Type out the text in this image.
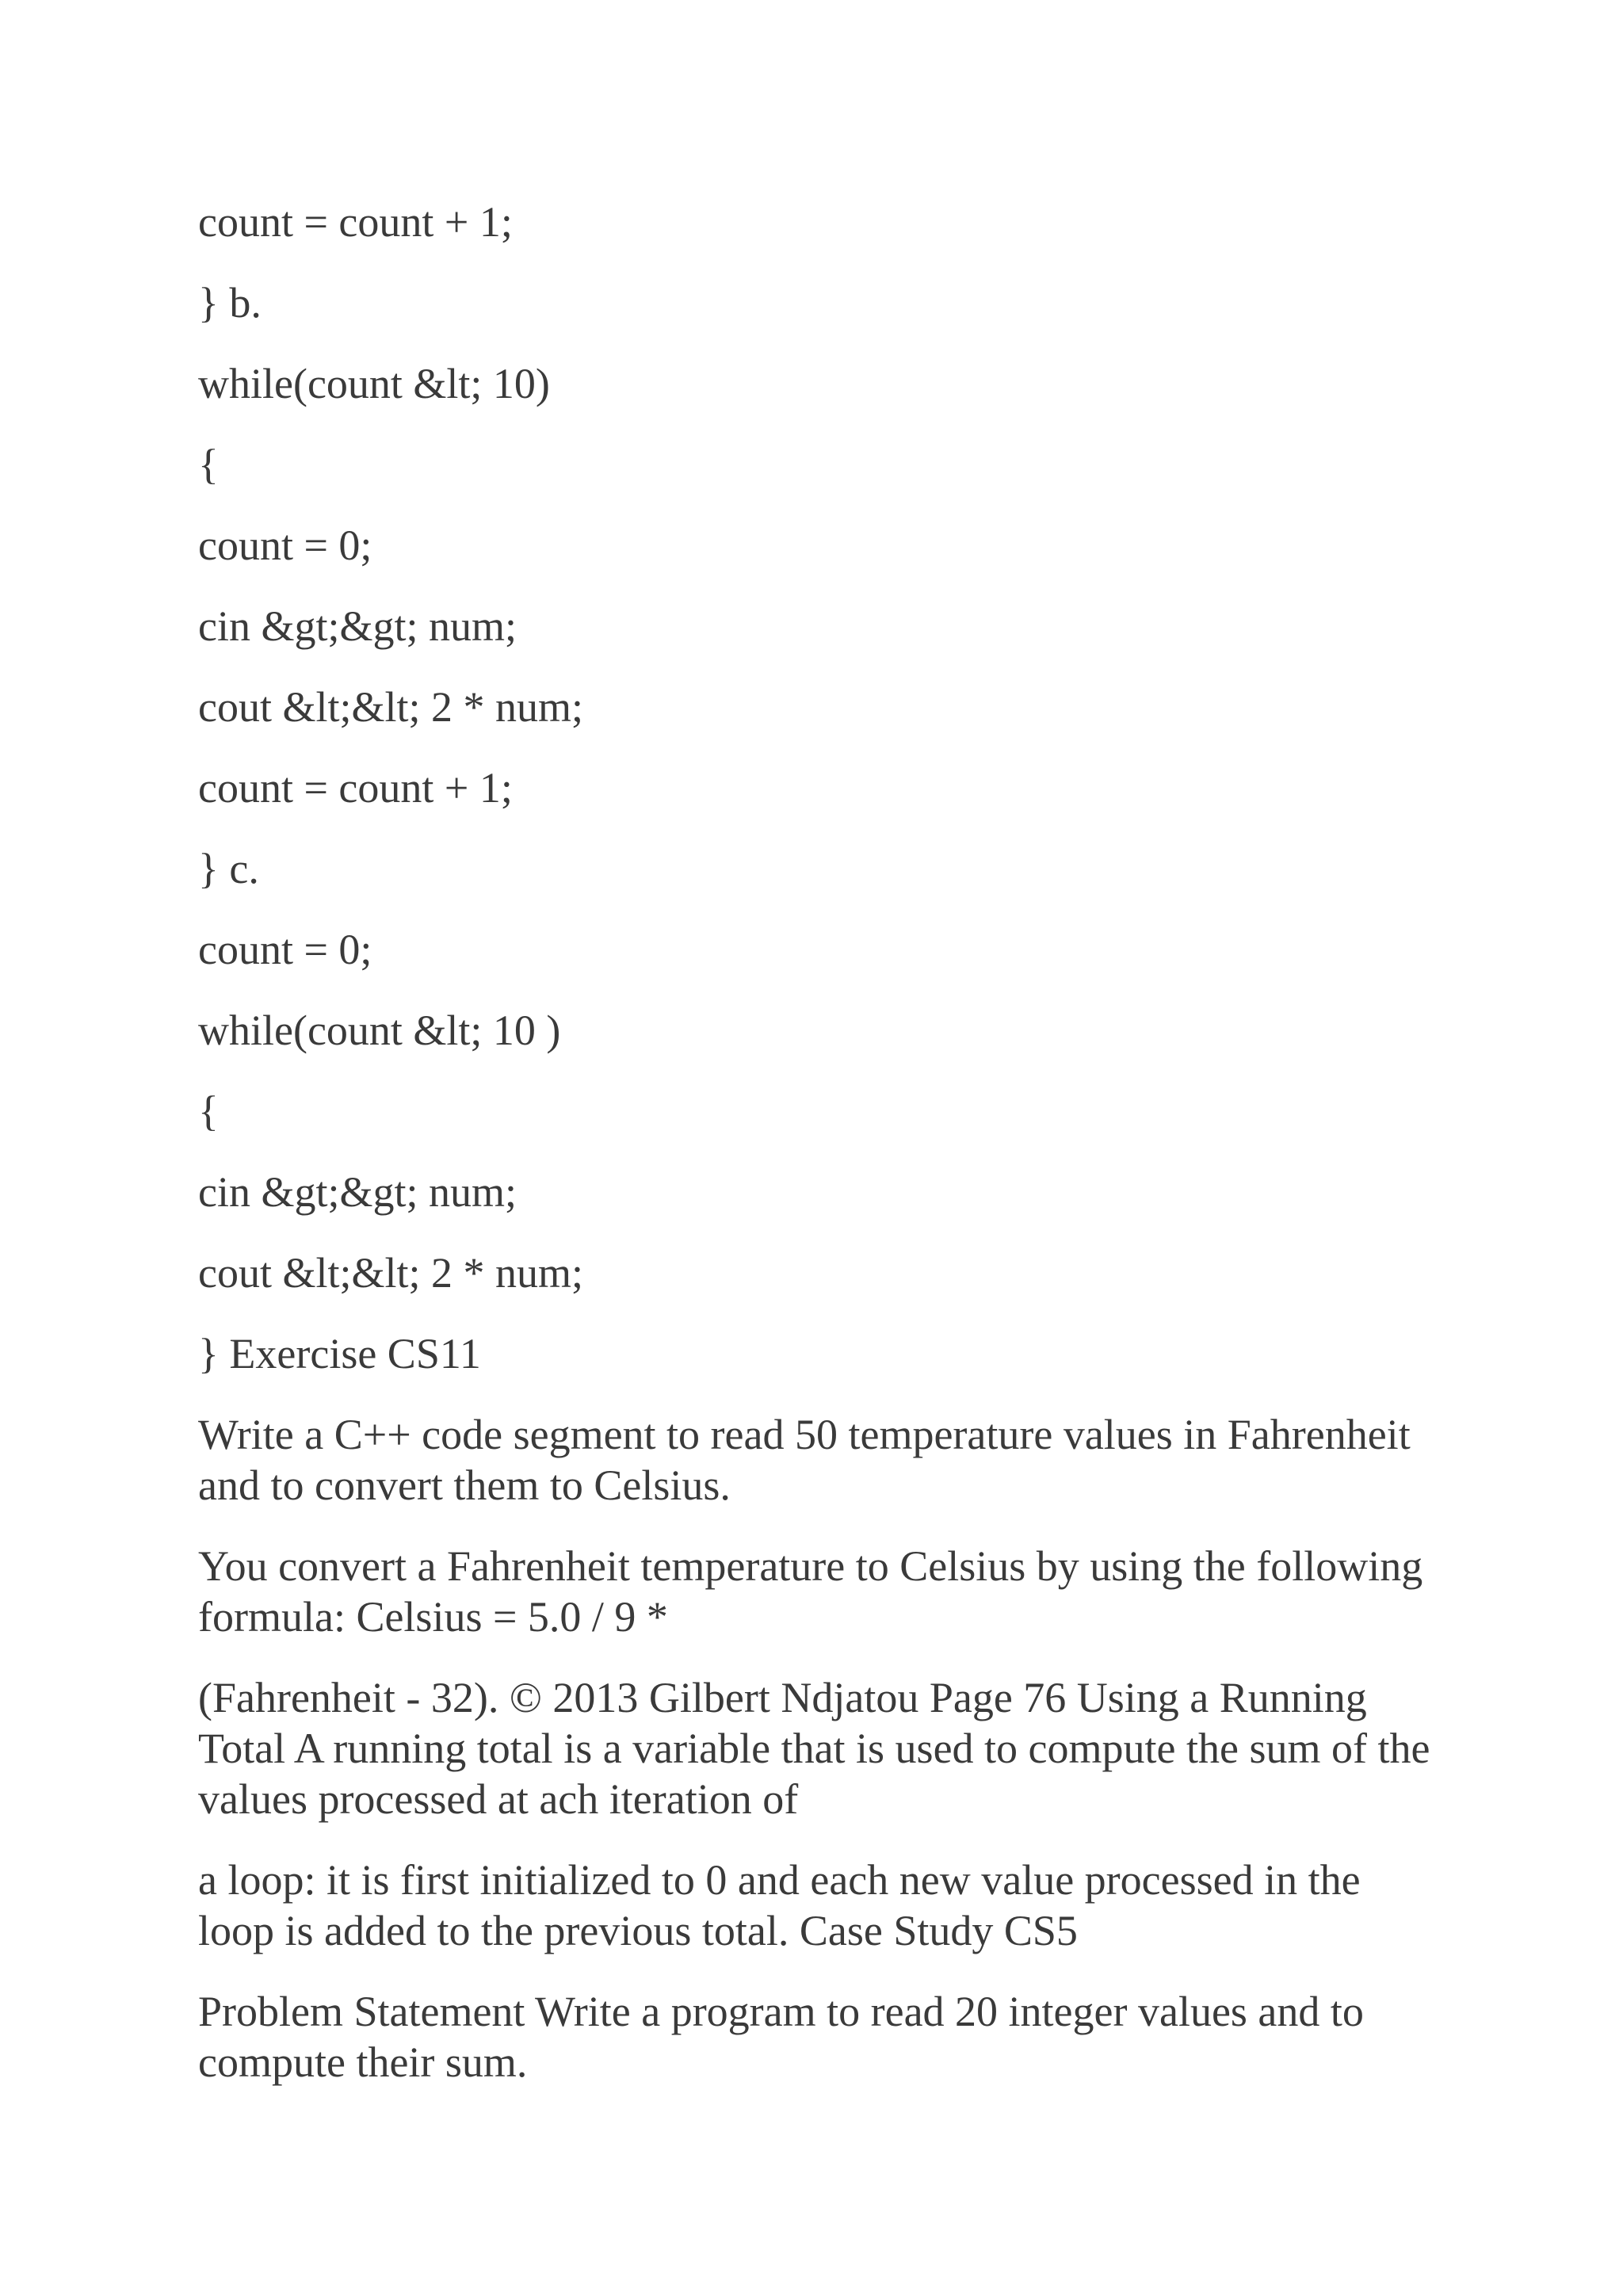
count = count + 1;
} b.
while(count &lt; 10)
{
count = 0;
cin &gt;&gt; num;
cout &lt;&lt; 2 * num;
count = count + 1;
} c.
count = 0;
while(count &lt; 10 )
{
cin &gt;&gt; num;
cout &lt;&lt; 2 * num;
} Exercise CS11
Write a C++ code segment to read 50 temperature values in Fahrenheit and to convert them to Celsius.
You convert a Fahrenheit temperature to Celsius by using the following formula: Celsius = 5.0 / 9 *
(Fahrenheit - 32). © 2013 Gilbert Ndjatou Page 76 Using a Running Total A running total is a variable that is used to compute the sum of the values processed at ach iteration of
a loop: it is first initialized to 0 and each new value processed in the loop is added to the previous total. Case Study CS5
Problem Statement Write a program to read 20 integer values and to compute their sum.
